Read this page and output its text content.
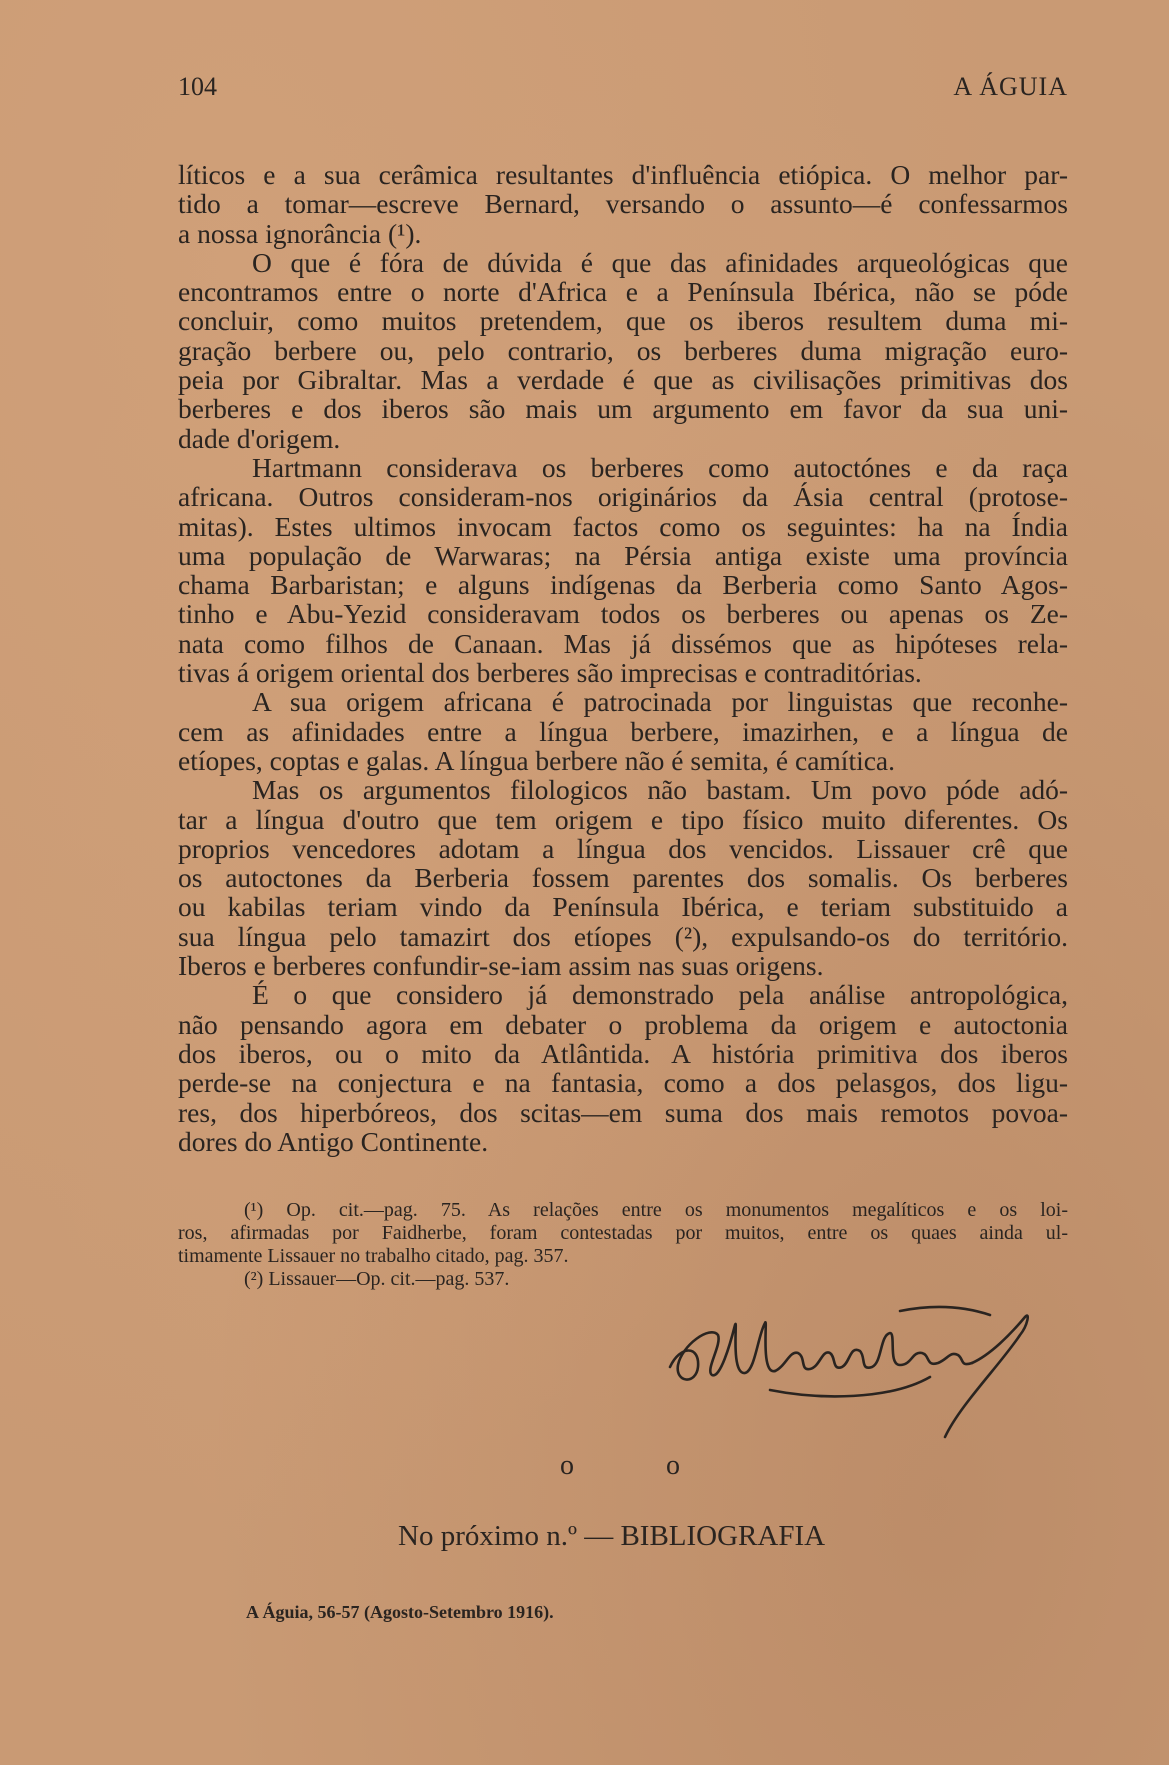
104	A ÁGUIA
líticos e a sua cerâmica resultantes d'influência etiópica. O melhor par-
tido a tomar—escreve Bernard, versando o assunto—é confessarmos
a nossa ignorância (¹).
O que é fóra de dúvida é que das afinidades arqueológicas que
encontramos entre o norte d'Africa e a Península Ibérica, não se póde
concluir, como muitos pretendem, que os iberos resultem duma mi-
gração berbere ou, pelo contrario, os berberes duma migração euro-
peia por Gibraltar. Mas a verdade é que as civilisações primitivas dos
berberes e dos iberos são mais um argumento em favor da sua uni-
dade d'origem.
Hartmann considerava os berberes como autoctónes e da raça
africana. Outros consideram-nos originários da Ásia central (protose-
mitas). Estes ultimos invocam factos como os seguintes: ha na Índia
uma população de Warwaras; na Pérsia antiga existe uma província
chama Barbaristan; e alguns indígenas da Berberia como Santo Agos-
tinho e Abu-Yezid consideravam todos os berberes ou apenas os Ze-
nata como filhos de Canaan. Mas já dissémos que as hipóteses rela-
tivas á origem oriental dos berberes são imprecisas e contraditórias.
A sua origem africana é patrocinada por linguistas que reconhe-
cem as afinidades entre a língua berbere, imazirhen, e a língua de
etíopes, coptas e galas. A língua berbere não é semita, é camítica.
Mas os argumentos filologicos não bastam. Um povo póde adó-
tar a língua d'outro que tem origem e tipo físico muito diferentes. Os
proprios vencedores adotam a língua dos vencidos. Lissauer crê que
os autoctones da Berberia fossem parentes dos somalis. Os berberes
ou kabilas teriam vindo da Península Ibérica, e teriam substituido a
sua língua pelo tamazirt dos etíopes (²), expulsando-os do território.
Iberos e berberes confundir-se-iam assim nas suas origens.
É o que considero já demonstrado pela análise antropológica,
não pensando agora em debater o problema da origem e autoctonia
dos iberos, ou o mito da Atlântida. A história primitiva dos iberos
perde-se na conjectura e na fantasia, como a dos pelasgos, dos ligu-
res, dos hiperbóreos, dos scitas—em suma dos mais remotos povoa-
dores do Antigo Continente.
(¹) Op. cit.—pag. 75. As relações entre os monumentos megalíticos e os loi-
ros, afirmadas por Faidherbe, foram contestadas por muitos, entre os quaes ainda ul-
timamente Lissauer no trabalho citado, pag. 357.
(²) Lissauer—Op. cit.—pag. 537.
o	o
No próximo n.º — BIBLIOGRAFIA
A Águia, 56-57 (Agosto-Setembro 1916).
